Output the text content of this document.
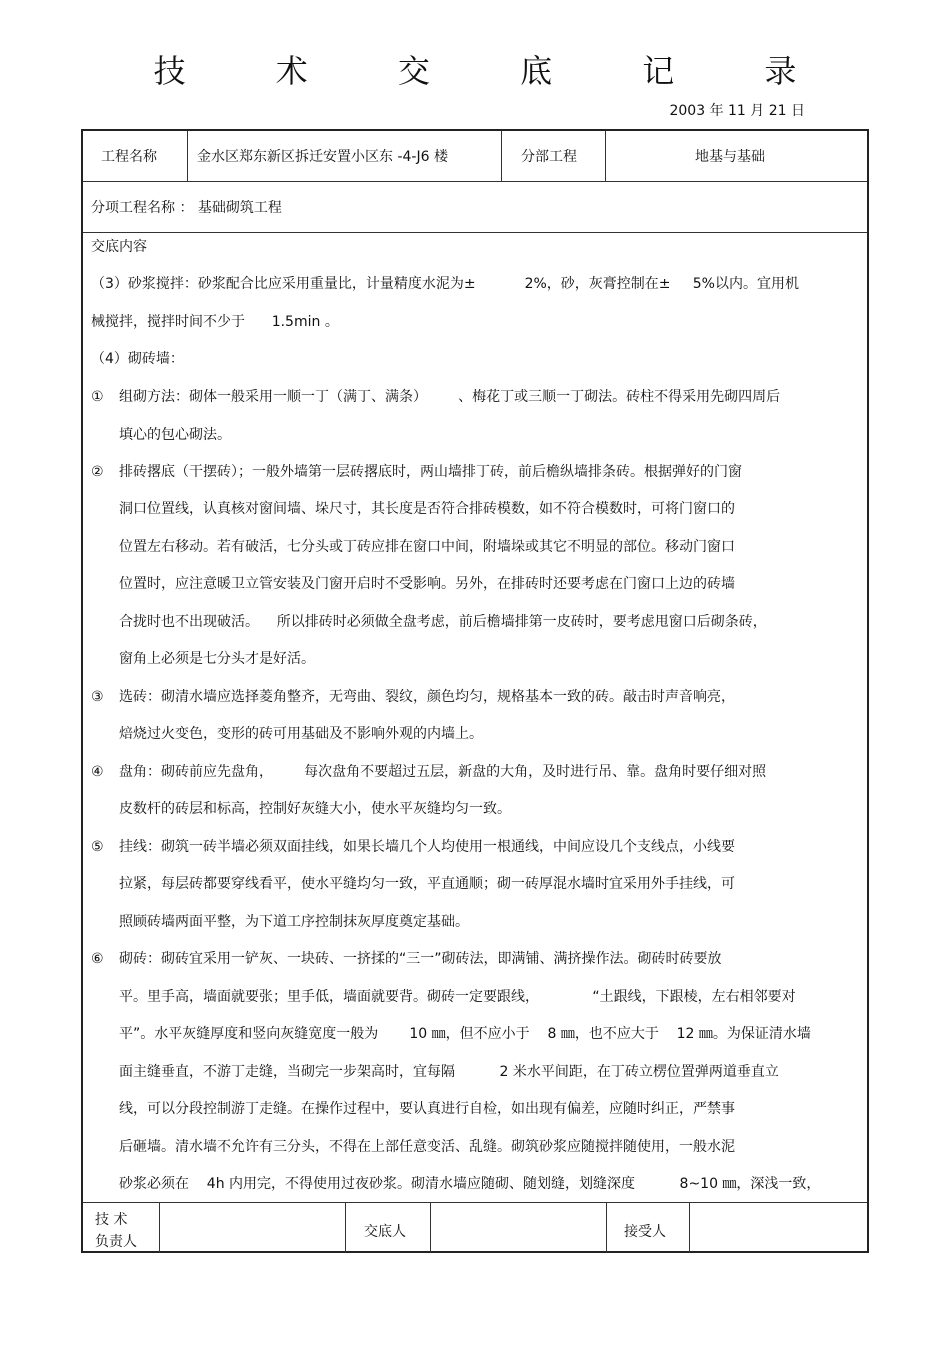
技 术 交 底 记 录
2003 年 11 月 21 日
工程名称	金水区郑东新区拆迁安置小区东 -4-J6 楼	分部工程	地基与基础
分项工程名称 ： 基础砌筑工程
交底内容
（3）砂浆搅拌：砂浆配合比应采用重量比，计量精度水泥为±           2%，砂，灰膏控制在±     5%以内。宜用机
械搅拌，搅拌时间不少于      1.5min 。
（4）砌砖墙：
①	组砌方法：砌体一般采用一顺一丁（满丁、满条）       、梅花丁或三顺一丁砌法。砖柱不得采用先砌四周后
填心的包心砌法。
②	排砖撂底（干摆砖）；一般外墙第一层砖撂底时，两山墙排丁砖，前后檐纵墙排条砖。根据弹好的门窗
洞口位置线，认真核对窗间墙、垛尺寸，其长度是否符合排砖模数，如不符合模数时，可将门窗口的
位置左右移动。若有破活，七分头或丁砖应排在窗口中间，附墙垛或其它不明显的部位。移动门窗口
位置时，应注意暖卫立管安装及门窗开启时不受影响。另外，在排砖时还要考虑在门窗口上边的砖墙
合拢时也不出现破活。    所以排砖时必须做全盘考虑，前后檐墙排第一皮砖时，要考虑甩窗口后砌条砖，
窗角上必须是七分头才是好活。
③	选砖：砌清水墙应选择菱角整齐，无弯曲、裂纹，颜色均匀，规格基本一致的砖。敲击时声音响亮，
焙烧过火变色，变形的砖可用基础及不影响外观的内墙上。
④	盘角：砌砖前应先盘角，       每次盘角不要超过五层，新盘的大角，及时进行吊、靠。盘角时要仔细对照
皮数杆的砖层和标高，控制好灰缝大小，使水平灰缝均匀一致。
⑤	挂线：砌筑一砖半墙必须双面挂线，如果长墙几个人均使用一根通线，中间应设几个支线点，小线要
拉紧，每层砖都要穿线看平，使水平缝均匀一致，平直通顺；砌一砖厚混水墙时宜采用外手挂线，可
照顾砖墙两面平整，为下道工序控制抹灰厚度奠定基础。
⑥	砌砖：砌砖宜采用一铲灰、一块砖、一挤揉的“三一”砌砖法，即满铺、满挤操作法。砌砖时砖要放
平。里手高，墙面就要张；里手低，墙面就要背。砌砖一定要跟线，            “土跟线，下跟棱，左右相邻要对
平”。水平灰缝厚度和竖向灰缝宽度一般为       10 ㎜，但不应小于    8 ㎜，也不应大于    12 ㎜。为保证清水墙
面主缝垂直，不游丁走缝，当砌完一步架高时，宜每隔          2 米水平间距，在丁砖立楞位置弹两道垂直立
线，可以分段控制游丁走缝。在操作过程中，要认真进行自检，如出现有偏差，应随时纠正，严禁事
后砸墙。清水墙不允许有三分头，不得在上部任意变活、乱缝。砌筑砂浆应随搅拌随使用，一般水泥
砂浆必须在    4h 内用完，不得使用过夜砂浆。砌清水墙应随砌、随划缝，划缝深度          8~10 ㎜，深浅一致，
技 术
负责人
交底人	接受人
